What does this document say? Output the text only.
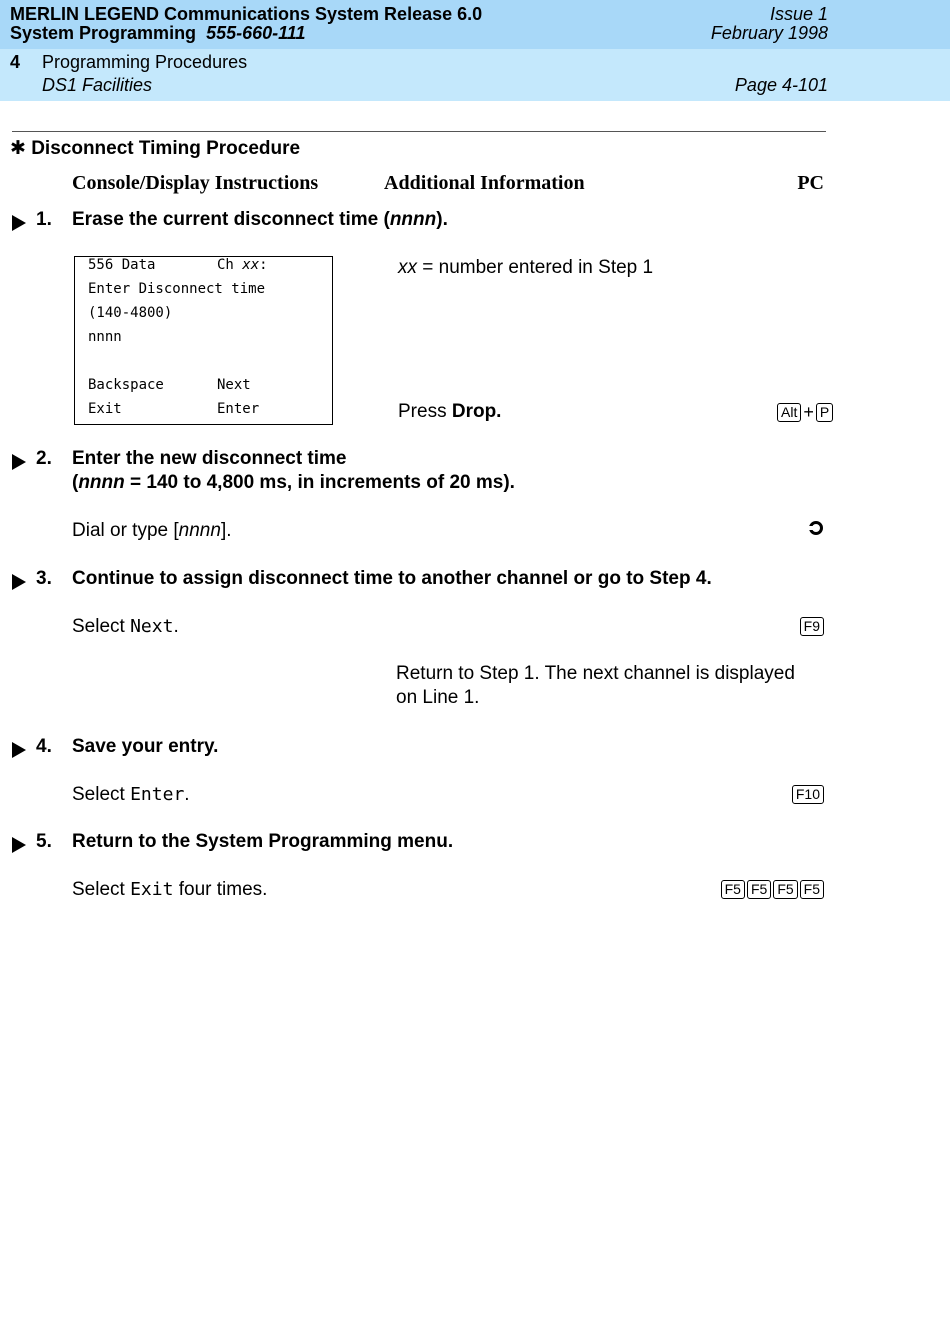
MERLIN LEGEND Communications System Release 6.0	Issue 1
System Programming 555-660-111	February 1998
4 Programming Procedures
DS1 Facilities	Page 4-101
✱ Disconnect Timing Procedure
Console/Display Instructions	Additional Information	PC
1. Erase the current disconnect time (nnnn).
556 Data	Ch xx:
Enter Disconnect time
(140-4800)
nnnn
Backspace	Next
Exit	Enter
xx = number entered in Step 1
Press Drop.	Alt + P
2. Enter the new disconnect time
(nnnn = 140 to 4,800 ms, in increments of 20 ms).
Dial or type [nnnn].
3. Continue to assign disconnect time to another channel or go to Step 4.
Select Next.	F9
Return to Step 1. The next channel is displayed
on Line 1.
4. Save your entry.
Select Enter.	F10
5. Return to the System Programming menu.
Select Exit four times.	F5 F5 F5 F5
